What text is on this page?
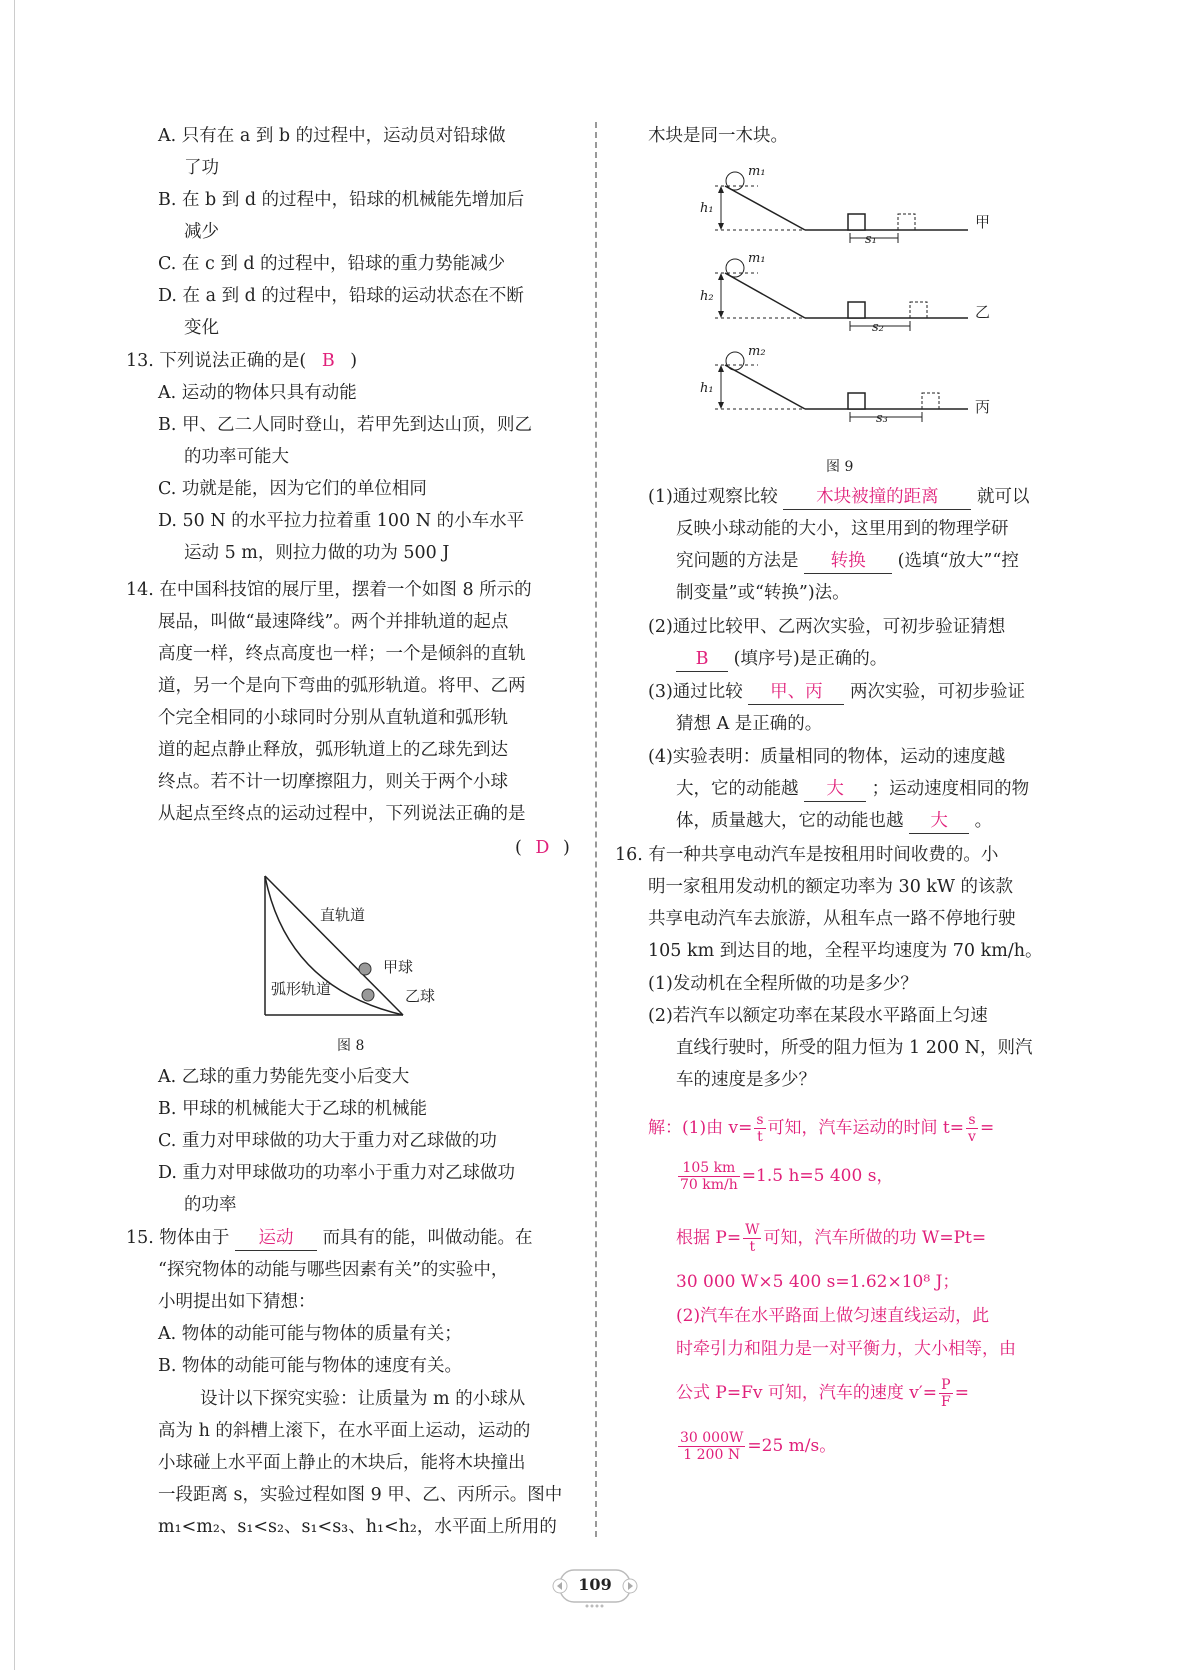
A. 只有在 a 到 b 的过程中，运动员对铅球做
了功
B. 在 b 到 d 的过程中，铅球的机械能先增加后
减少
C. 在 c 到 d 的过程中，铅球的重力势能减少
D. 在 a 到 d 的过程中，铅球的运动状态在不断
变化
13. 下列说法正确的是( B )
A. 运动的物体只具有动能
B. 甲、乙二人同时登山，若甲先到达山顶，则乙
的功率可能大
C. 功就是能，因为它们的单位相同
D. 50 N 的水平拉力拉着重 100 N 的小车水平
运动 5 m，则拉力做的功为 500 J
14. 在中国科技馆的展厅里，摆着一个如图 8 所示的
展品，叫做“最速降线”。两个并排轨道的起点
高度一样，终点高度也一样；一个是倾斜的直轨
道，另一个是向下弯曲的弧形轨道。将甲、乙两
个完全相同的小球同时分别从直轨道和弧形轨
道的起点静止释放，弧形轨道上的乙球先到达
终点。若不计一切摩擦阻力，则关于两个小球
从起点至终点的运动过程中，下列说法正确的是
( D )
直轨道
甲球
弧形轨道	乙球
图 8
A. 乙球的重力势能先变小后变大
B. 甲球的机械能大于乙球的机械能
C. 重力对甲球做的功大于重力对乙球做的功
D. 重力对甲球做功的功率小于重力对乙球做功
的功率
15. 物体由于 运动 而具有的能，叫做动能。在
“探究物体的动能与哪些因素有关”的实验中，
小明提出如下猜想：
A. 物体的动能可能与物体的质量有关；
B. 物体的动能可能与物体的速度有关。
设计以下探究实验：让质量为 m 的小球从
高为 h 的斜槽上滚下，在水平面上运动，运动的
小球碰上水平面上静止的木块后，能将木块撞出
一段距离 s，实验过程如图 9 甲、乙、丙所示。图中
m₁<m₂、s₁<s₂、s₁<s₃、h₁<h₂，水平面上所用的
木块是同一木块。
m₁
h₁
s₁
甲
m₁
h₂
s₂
乙
m₂
h₁
s₃
丙
图 9
(1)通过观察比较 木块被撞的距离 就可以
反映小球动能的大小，这里用到的物理学研
究问题的方法是 转换 (选填“放大”“控
制变量”或“转换”)法。
(2)通过比较甲、乙两次实验，可初步验证猜想
B (填序号)是正确的。
(3)通过比较 甲、丙 两次实验，可初步验证
猜想 A 是正确的。
(4)实验表明：质量相同的物体，运动的速度越
大，它的动能越 大 ；运动速度相同的物
体，质量越大，它的动能也越 大 。
16. 有一种共享电动汽车是按租用时间收费的。小
明一家租用发动机的额定功率为 30 kW 的该款
共享电动汽车去旅游，从租车点一路不停地行驶
105 km 到达目的地，全程平均速度为 70 km/h。
(1)发动机在全程所做的功是多少？
(2)若汽车以额定功率在某段水平路面上匀速
直线行驶时，所受的阻力恒为 1 200 N，则汽
车的速度是多少？
解：(1)由 $v= \frac{s}{t}$ 可知，汽车运动的时间 $t= \frac{s}{v}$ =
$\frac{105 km}{70 km/h} =1.5$ h=5 400 s，
根据 $P= \frac{W}{t}$ 可知，汽车所做的功 W=Pt=
30 000 W×5 400 s=1.62×10⁸ J；
(2)汽车在水平路面上做匀速直线运动，此
时牵引力和阻力是一对平衡力，大小相等，由
公式 P=Fv 可知，汽车的速度 $v'= \frac{P}{F}$ =
$\frac{30 000W}{1 200 N} =25$ m/s。
109
